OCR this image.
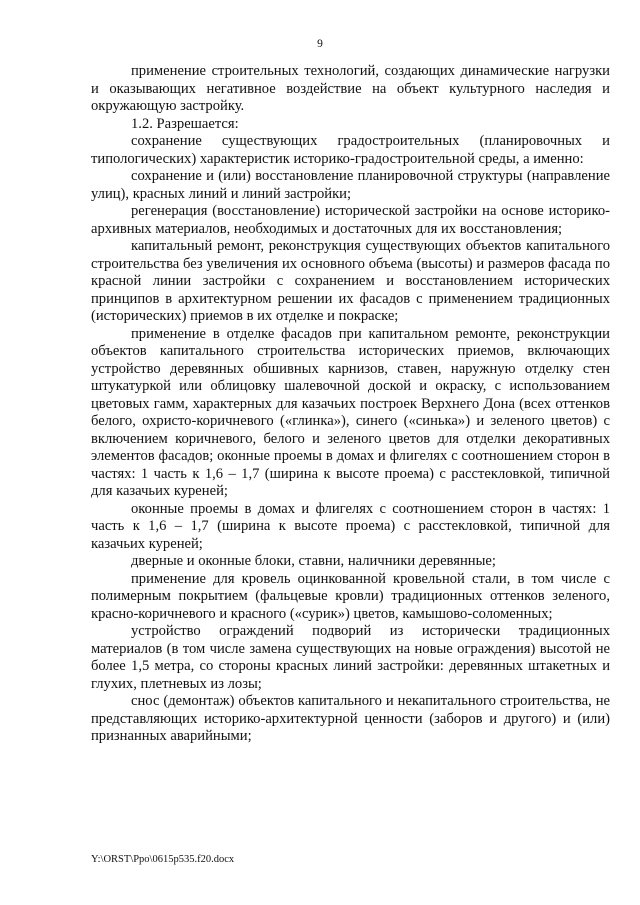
9

применение строительных технологий, создающих динамические нагрузки и оказывающих негативное воздействие на объект культурного наследия и окружающую застройку.

1.2. Разрешается:

сохранение существующих градостроительных (планировочных и типологических) характеристик историко-градостроительной среды, а именно:

сохранение и (или) восстановление планировочной структуры (направление улиц), красных линий и линий застройки;

регенерация (восстановление) исторической застройки на основе историко-архивных материалов, необходимых и достаточных для их восстановления;

капитальный ремонт, реконструкция существующих объектов капитального строительства без увеличения их основного объема (высоты) и размеров фасада по красной линии застройки с сохранением и восстановлением исторических принципов в архитектурном решении их фасадов с применением традиционных (исторических) приемов в их отделке и покраске;

применение в отделке фасадов при капитальном ремонте, реконструкции объектов капитального строительства исторических приемов, включающих устройство деревянных обшивных карнизов, ставен, наружную отделку стен штукатуркой или облицовку шалевочной доской и окраску, с использованием цветовых гамм, характерных для казачьих построек Верхнего Дона (всех оттенков белого, охристо-коричневого («глинка»), синего («синька») и зеленого цветов) с включением коричневого, белого и зеленого цветов для отделки декоративных элементов фасадов; оконные проемы в домах и флигелях с соотношением сторон в частях: 1 часть к 1,6 – 1,7 (ширина к высоте проема) с расстекловкой, типичной для казачьих куреней;

оконные проемы в домах и флигелях с соотношением сторон в частях: 1 часть к 1,6 – 1,7 (ширина к высоте проема) с расстекловкой, типичной для казачьих куреней;

дверные и оконные блоки, ставни, наличники деревянные;

применение для кровель оцинкованной кровельной стали, в том числе с полимерным покрытием (фальцевые кровли) традиционных оттенков зеленого, красно-коричневого и красного («сурик») цветов, камышово-соломенных;

устройство ограждений подворий из исторически традиционных материалов (в том числе замена существующих на новые ограждения) высотой не более 1,5 метра, со стороны красных линий застройки: деревянных штакетных и глухих, плетневых из лозы;

снос (демонтаж) объектов капитального и некапитального строительства, не представляющих историко-архитектурной ценности (заборов и другого) и (или) признанных аварийными;

Y:\ORST\Ppo\0615p535.f20.docx
